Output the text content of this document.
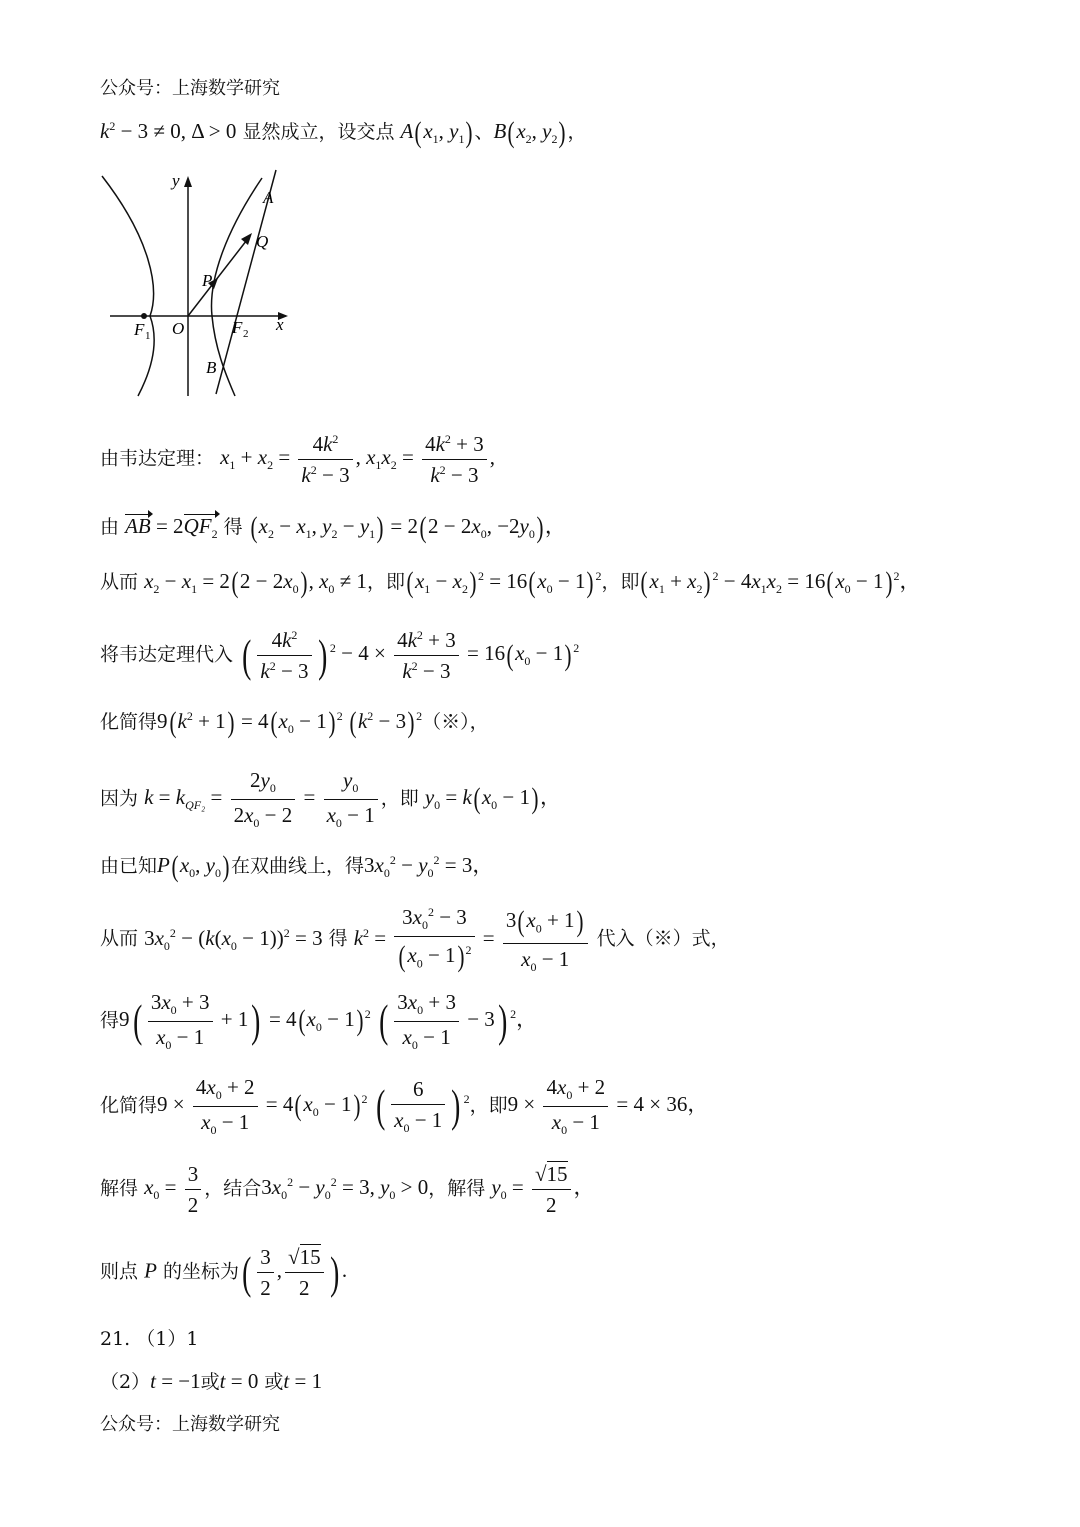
公众号：上海数学研究
$k^2 - 3 \ne 0$, Δ > 0 显然成立，设交点 $A(x_1$, $y_1$)、$B(x_2$, $y_2$)，
y
A
Q
P
O
F 1	F 2 x
B
由韦达定理： $x_1 + x_2 = \frac{4k^2}{k^2 - 3}$ , $x_1x_2 = \frac{4k^2 + 3}{k^2 - 3}$ ,
由 AB = $2QF_2$ 得 ($x_2 - x_1$, $y_2 - y_1) = 2(2 - 2x_0$, $-2y_0$)，
从而 $x_2 - x_1 = 2(2 - 2x_0)$, $x_0 \ne 1$，即$(x_1 - x_2) ^2 = 16(x_0 - 1)$ $^2$，即$(x_1 + x_2) ^2 - 4x_1x_2 = 16(x_0 - 1)$ $^2$，
将韦达定理代入 ( $\frac{4k^2}{k^2 - 3}$ ) $^2 - 4 \times \frac{4k^2 + 3}{k^2 - 3} = 16(x_0 - 1)$ $^2$
化简得$9(k^2 + 1) = 4(x_0 - 1)$ $^2$ $(k^2 - 3)$ $^2$（※），
因为 $k = k_{QF_2} = \frac{2y_0}{2x_0 - 2} = \frac{y_0}{x_0 - 1}$ ，即 $y_0 = k(x_0 - 1)$，
由已知$P(x_0$, $y_0$)在双曲线上，得$3x_0^2 - y_0^2 = 3$，
从而 $3x_0^2 - (k(x_0 - 1))^2 = 3$ 得 $k^2 = \frac{3x_0^2 - 3}{(x_0 - 1) ^2} = \frac{3(x_0 + 1)}{x_0 - 1}$ 代入（※）式，
得$9( \frac{3x_0 + 3}{x_0 - 1} + 1) = 4(x_0 - 1)$ $^2$ ( $\frac{3x_0 + 3}{x_0 - 1} - 3$) $^2$，
化简得$9 \times \frac{4x_0 + 2}{x_0 - 1} = 4(x_0 - 1)$ $^2$ ( $\frac{6}{x_0 - 1}$ ) $^2$，即$9 \times \frac{4x_0 + 2}{x_0 - 1} = 4 \times 36$，
解得 $x_0 = \frac{3}{2}$ ，结合$3x_0^2 - y_0^2 = 3$, $y_0 > 0$，解得 $y_0 = \frac{√15}{2}$ ，
则点 P 的坐标为( $\frac{3}{2}$ , $\frac{√15}{2}$ ) .
21. （1）1
（2）t = −1或t = 0 或t = 1
公众号：上海数学研究
